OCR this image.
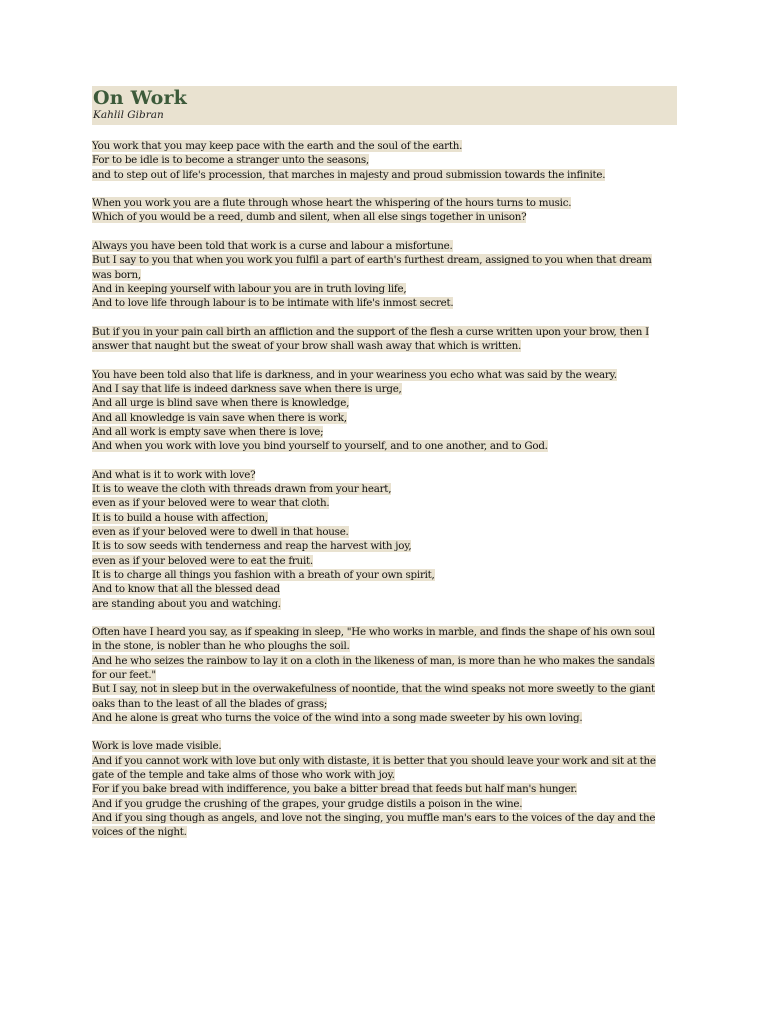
On Work
Kahlil Gibran
You work that you may keep pace with the earth and the soul of the earth.
For to be idle is to become a stranger unto the seasons,
and to step out of life's procession, that marches in majesty and proud submission towards the infinite.
When you work you are a flute through whose heart the whispering of the hours turns to music.
Which of you would be a reed, dumb and silent, when all else sings together in unison?
Always you have been told that work is a curse and labour a misfortune.
But I say to you that when you work you fulfil a part of earth's furthest dream, assigned to you when that dream
was born,
And in keeping yourself with labour you are in truth loving life,
And to love life through labour is to be intimate with life's inmost secret.
But if you in your pain call birth an affliction and the support of the flesh a curse written upon your brow, then I
answer that naught but the sweat of your brow shall wash away that which is written.
You have been told also that life is darkness, and in your weariness you echo what was said by the weary.
And I say that life is indeed darkness save when there is urge,
And all urge is blind save when there is knowledge,
And all knowledge is vain save when there is work,
And all work is empty save when there is love;
And when you work with love you bind yourself to yourself, and to one another, and to God.
And what is it to work with love?
It is to weave the cloth with threads drawn from your heart,
even as if your beloved were to wear that cloth.
It is to build a house with affection,
even as if your beloved were to dwell in that house.
It is to sow seeds with tenderness and reap the harvest with joy,
even as if your beloved were to eat the fruit.
It is to charge all things you fashion with a breath of your own spirit,
And to know that all the blessed dead
are standing about you and watching.
Often have I heard you say, as if speaking in sleep, "He who works in marble, and finds the shape of his own soul
in the stone, is nobler than he who ploughs the soil.
And he who seizes the rainbow to lay it on a cloth in the likeness of man, is more than he who makes the sandals
for our feet."
But I say, not in sleep but in the overwakefulness of noontide, that the wind speaks not more sweetly to the giant
oaks than to the least of all the blades of grass;
And he alone is great who turns the voice of the wind into a song made sweeter by his own loving.
Work is love made visible.
And if you cannot work with love but only with distaste, it is better that you should leave your work and sit at the
gate of the temple and take alms of those who work with joy.
For if you bake bread with indifference, you bake a bitter bread that feeds but half man's hunger.
And if you grudge the crushing of the grapes, your grudge distils a poison in the wine.
And if you sing though as angels, and love not the singing, you muffle man's ears to the voices of the day and the
voices of the night.
